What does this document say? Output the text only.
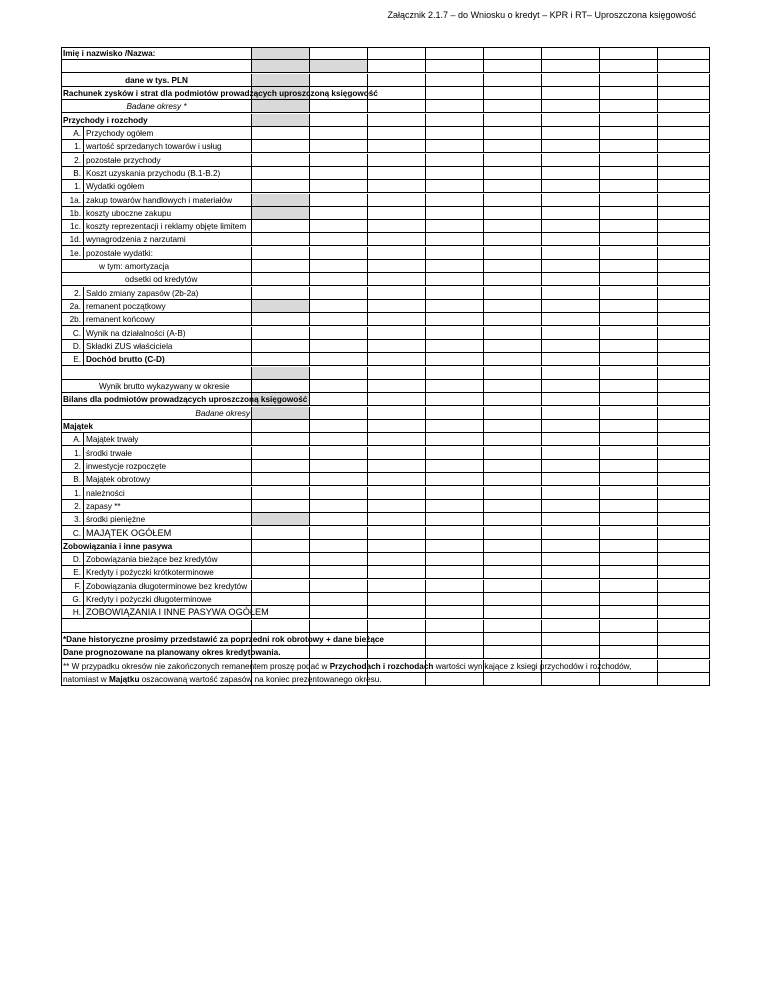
Załącznik 2.1.7 – do Wniosku o kredyt – KPR i RT– Uproszczona księgowość
Imię i nazwisko /Nazwa:
dane w tys. PLN
Rachunek zysków i strat dla podmiotów prowadzących uproszczoną księgowość
Badane okresy *
Przychody i rozchody
A. Przychody ogółem
1. wartość sprzedanych towarów i usług
2. pozostałe przychody
B. Koszt uzyskania przychodu (B.1-B.2)
1. Wydatki ogółem
1a. zakup towarów handlowych i materiałów
1b. koszty uboczne zakupu
1c. koszty reprezentacji i reklamy objęte limitem
1d. wynagrodzenia z narzutami
1e. pozostałe wydatki:
w tym: amortyzacja
odsetki od kredytów
2. Saldo zmiany zapasów (2b-2a)
2a. remanent początkowy
2b. remanent końcowy
C. Wynik na działalności (A-B)
D. Składki ZUS właściciela
E. Dochód brutto (C-D)
Wynik brutto wykazywany w okresie
Bilans dla podmiotów prowadzących uproszczoną księgowość
Badane okresy
Majątek
A. Majątek trwały
1. środki trwałe
2. inwestycje rozpoczęte
B. Majątek obrotowy
1. należności
2. zapasy **
3. środki pieniężne
C. MAJĄTEK OGÓŁEM
Zobowiązania i inne pasywa
D. Zobowiązania bieżące bez kredytów
E. Kredyty i pożyczki krótkoterminowe
F. Zobowiązania długoterminowe bez kredytów
G. Kredyty i pożyczki długoterminowe
H. ZOBOWIĄZANIA I INNE PASYWA OGÓŁEM
*Dane historyczne prosimy przedstawić za poprzedni rok obrotowy + dane bieżące
Dane prognozowane na planowany okres kredytowania.
** W przypadku okresów nie zakończonych remanentem proszę podać w Przychodach i rozchodach wartości wynikające z ksiegi przychodów i rozchodów,
natomiast w Majątku oszacowaną wartość zapasów na koniec prezentowanego okresu.
